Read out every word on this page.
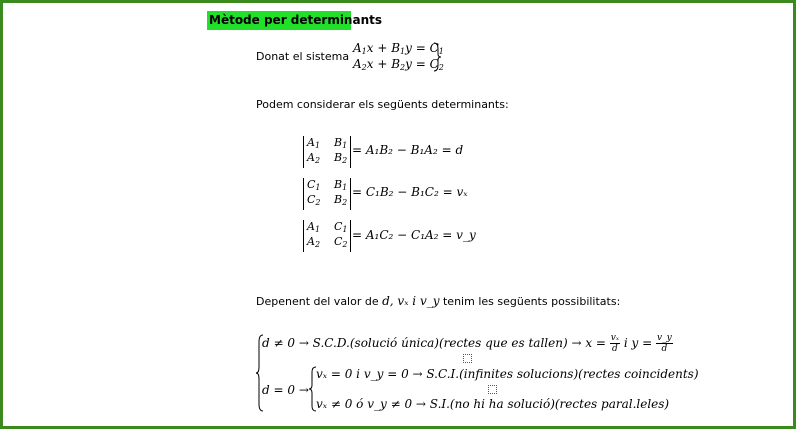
Mètode per determinants
Donat el sistema
$A_1x + B_1y = C_1$
$A_2x + B_2y = C_2$
Podem considerar els següents determinants:
$A_1$ $B_1$
$A_2$ $B_2$
= A₁B₂ − B₁A₂ = d
$C_1$ $B_1$
$C_2$ $B_2$
= C₁B₂ − B₁C₂ = vₓ
$A_1$ $C_1$
$A_2$ $C_2$
= A₁C₂ − C₁A₂ = v_y
Depenent del valor de d, vₓ i v_y tenim les següents possibilitats:
d ≠ 0 → S.C.D.(solució única)(rectes que es tallen) → $x = \frac{\text{vₓ}}{d}$ i $y = \frac{v\_y}{d}$
d = 0 →
vₓ = 0 i v_y = 0 → S.C.I.(infinites solucions)(rectes coincidents)
vₓ ≠ 0 ó v_y ≠ 0 → S.I.(no hi ha solució)(rectes paral.leles)
